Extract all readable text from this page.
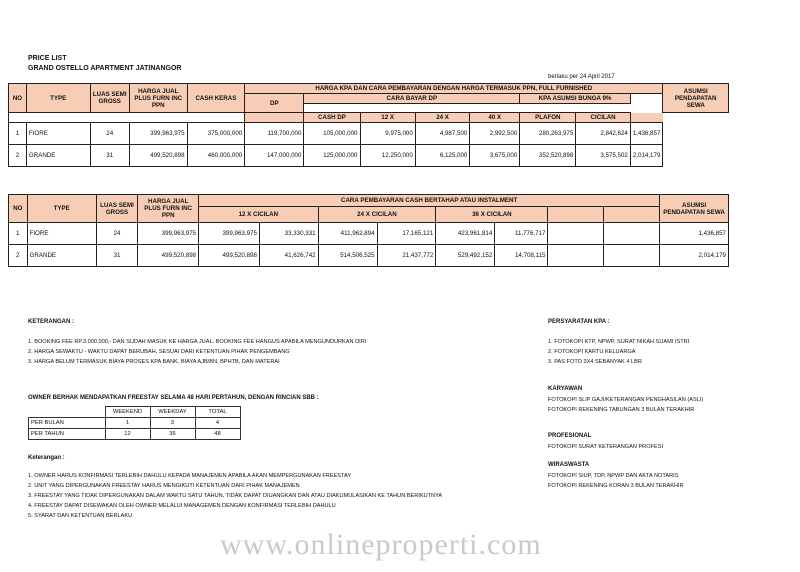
PRICE LIST
GRAND OSTELLO APARTMENT JATINANGOR
berlaku per 24 April 2017
NO	TYPE	LUAS SEMI GROSS	HARGA JUAL PLUS FURN INC PPN	CASH KERAS	HARGA KPA DAN CARA PEMBAYARAN DENGAN HARGA TERMASUK PPN, FULL FURNISHED								ASUMSI PENDAPATAN SEWA
					DP	CARA BAYAR DP				KPA ASUMSI BUNGA 9%			

						CASH DP	12 X	24 X	40 X	PLAFON	CICILAN		
1	FIORE	24	399,963,975	375,000,000	119,700,000	105,000,000	9,975,000	4,987,500	2,992,500	280,263,975	2,842,624	1,436,857	
2	GRANDE	31	499,520,898	460,000,000	147,000,000	125,000,000	12,250,000	6,125,000	3,675,000	352,520,898	3,575,502	2,014,179	
NO	TYPE	LUAS SEMI GROSS	HARGA JUAL PLUS FURN INC PPN	CARA PEMBAYARAN CASH BERTAHAP ATAU INSTALMENT								ASUMSI PENDAPATAN SEWA
				12 X CICILAN		24 X CICILAN		36 X CICILAN				
1	FIORE	24	399,963,975	399,963,975	33,330,331	411,962,894	17,165,121	423,961,814	11,776,717			1,436,857
2	GRANDE	31	499,520,898	499,520,898	41,626,742	514,506,525	21,437,772	529,492,152	14,708,115			2,014,179
KETERANGAN :
1. BOOKING FEE RP.3.000.000,- DAN SUDAH MASUK KE HARGA JUAL. BOOKING FEE HANGUS APABILA MENGUNDURKAN DIRI
2. HARGA SEWAKTU - WAKTU DAPAT BERUBAH, SESUAI DARI KETENTUAN PIHAK PENGEMBANG
3. HARGA BELUM TERMASUK BIAYA PROSES KPA BANK, BIAYA AJB/BN, BPHTB, DAN MATERAI
OWNER BERHAK MENDAPATKAN FREESTAY SELAMA 48 HARI PERTAHUN, DENGAN RINCIAN SBB :
	WEEKEND	WEEKDAY	TOTAL
PER BULAN	1	3	4
PER TAHUN	12	36	48
Keterangan :
1. OWNER HARUS KONFIRMASI TERLEBIH DAHULU KEPADA MANAJEMEN APABILA AKAN MEMPERGUNAKAN FREESTAY
2. UNIT YANG DIPERGUNAKAN FREESTAY HARUS MENGIKUTI KETENTUAN DARI PIHAK MANAJEMEN
3. FREESTAY YANG TIDAK DIPERGUNAKAN DALAM WAKTU SATU TAHUN, TIDAK DAPAT DIUANGKAN DAN ATAU DIAKUMULASIKAN KE TAHUN BERIKUTNYA
4. FREESTAY DAPAT DISEWAKAN OLEH OWNER MELALUI MANAGEMEN DENGAN KONFIRMASI TERLEBIH DAHULU
5. SYARAT DAN KETENTUAN BERLAKU
PERSYARATAN KPA :
1. FOTOKOPI KTP, NPWP, SURAT NIKAH SUAMI ISTRI
2. FOTOKOPI KARTU KELUARGA
3. PAS FOTO 3X4 SEBANYAK 4 LBR
KARYAWAN
FOTOKOPI SLIP GAJI/KETERANGAN PENGHASILAN (ASLI)
FOTOKOPI REKENING TABUNGAN 3 BULAN TERAKHIR
PROFESIONAL
FOTOKOPI SURAT KETERANGAN PROFESI
WIRASWASTA
FOTOKOPI SIUP, TDP, NPWP DAN AKTA NOTARIS
FOTOKOPI REKENING KORAN 3 BULAN TERAKHIR
www.onlineproperti.com
